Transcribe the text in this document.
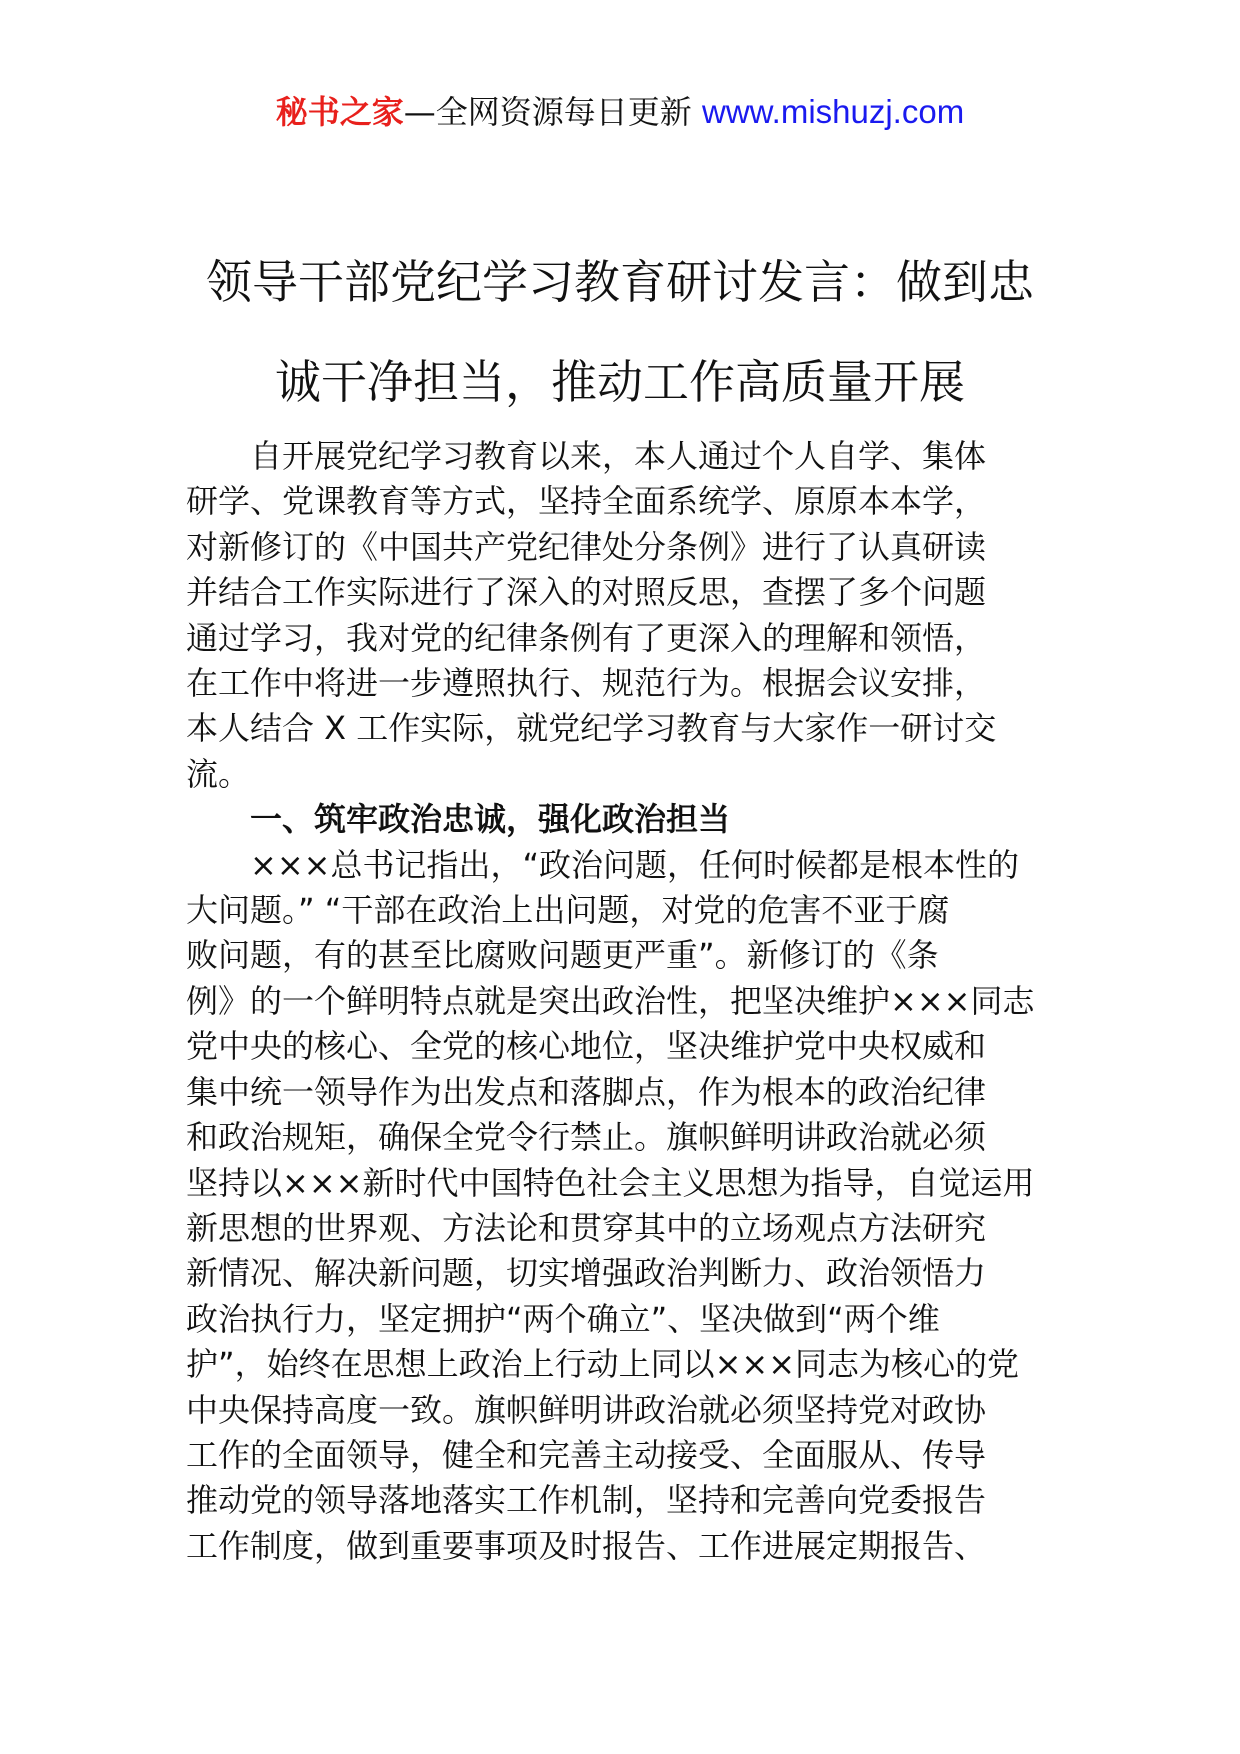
秘书之家—全网资源每日更新 www.mishuzj.com
领导干部党纪学习教育研讨发言：做到忠
诚干净担当，推动工作高质量开展
自开展党纪学习教育以来，本人通过个人自学、集体
研学、党课教育等方式，坚持全面系统学、原原本本学，
对新修订的《中国共产党纪律处分条例》进行了认真研读
并结合工作实际进行了深入的对照反思，查摆了多个问题
通过学习，我对党的纪律条例有了更深入的理解和领悟，
在工作中将进一步遵照执行、规范行为。根据会议安排，
本人结合 X 工作实际，就党纪学习教育与大家作一研讨交
流。

一、筑牢政治忠诚，强化政治担当

×××总书记指出，“政治问题，任何时候都是根本性的
大问题。” “干部在政治上出问题，对党的危害不亚于腐
败问题，有的甚至比腐败问题更严重”。新修订的《条
例》的一个鲜明特点就是突出政治性，把坚决维护×××同志
党中央的核心、全党的核心地位，坚决维护党中央权威和
集中统一领导作为出发点和落脚点，作为根本的政治纪律
和政治规矩，确保全党令行禁止。旗帜鲜明讲政治就必须
坚持以×××新时代中国特色社会主义思想为指导，自觉运用
新思想的世界观、方法论和贯穿其中的立场观点方法研究
新情况、解决新问题，切实增强政治判断力、政治领悟力
政治执行力，坚定拥护“两个确立”、坚决做到“两个维
护”，始终在思想上政治上行动上同以×××同志为核心的党
中央保持高度一致。旗帜鲜明讲政治就必须坚持党对政协
工作的全面领导，健全和完善主动接受、全面服从、传导
推动党的领导落地落实工作机制，坚持和完善向党委报告
工作制度，做到重要事项及时报告、工作进展定期报告、
